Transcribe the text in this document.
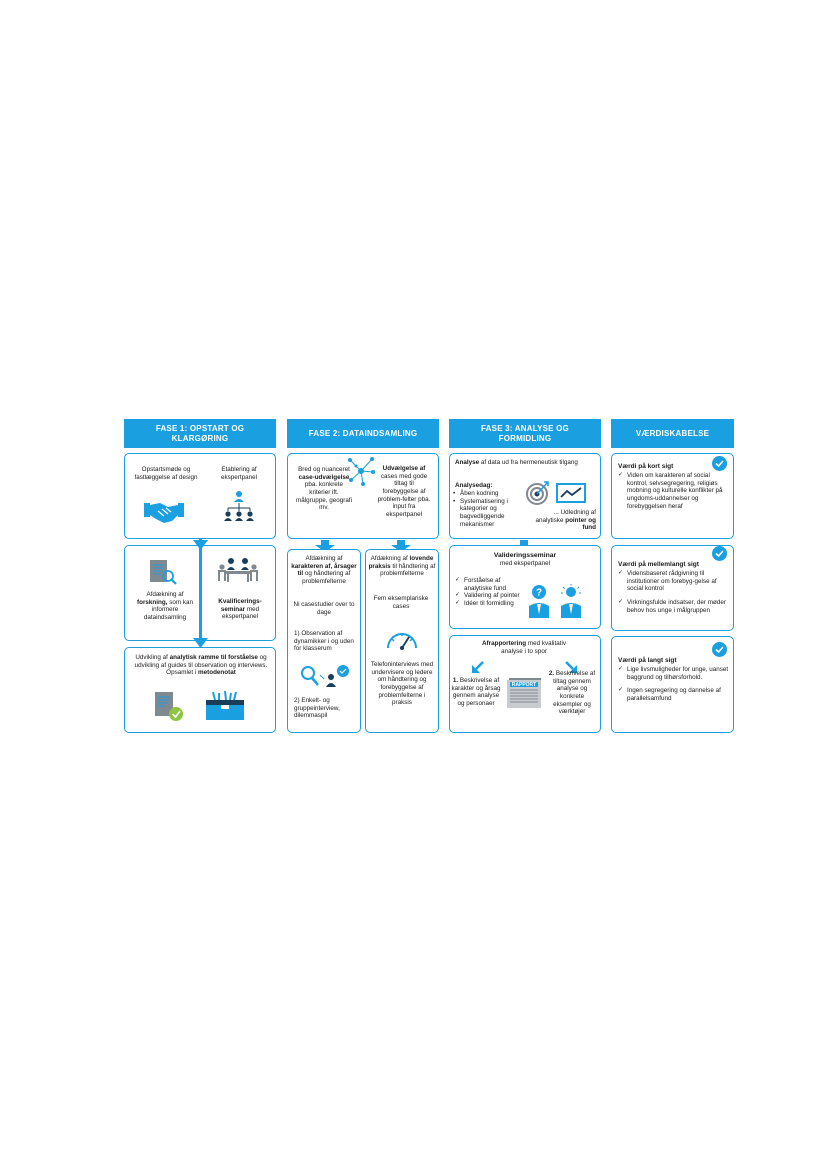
FASE 1: OPSTART OG KLARGØRING
FASE 2: DATAINDSAMLING
FASE 3: ANALYSE OG FORMIDLING
VÆRDISKABELSE
Opstartsmøde og fastlæggelse af design
Etablering af ekspertpanel
Afdækning af forskning, som kan informere dataindsamling
Kvalificerings-seminar med ekspertpanel
Udvikling af analytisk ramme til forståelse og udvikling af guides til observation og interviews. Opsamlet i metodenotat
Bred og nuanceret case-udvælgelse pba. konkrete kriterier ift. målgruppe, geografi mv.
Udvælgelse af cases med gode tiltag til forebyggelse af problem-felter pba. input fra ekspertpanel
Afdækning af karakteren af, årsager til og håndtering af problemfelterne
Ni casestudier over to dage
1) Observation af dynamikker i og uden for klasserum
2) Enkelt- og gruppeinterview, dilemmaspil
Afdækning af lovende praksis til håndtering af problemfelterne
Fem eksemplariske cases
Telefoninterviews med undervisere og ledere om håndtering og forebyggelse af problemfelterne i praksis
Analyse af data ud fra hermeneutisk tilgang
Analysedag:
• Åben kodning
• Systematisering i kategorier og bagvedliggende mekanismer
... Udledning af analytiske pointer og fund
Valideringsseminar
med ekspertpanel
✓ Forståelse af analytiske fund
✓ Validering af pointer
✓ Idéer til formidling
?
Afrapportering med kvalitativ analyse i to spor
1. Beskrivelse af karakter og årsag gennem analyse og personaer
RAPPORT
2. Beskrivelse af tiltag gennem analyse og konkrete eksempler og værktøjer
Værdi på kort sigt
✓ Viden om karakteren af social kontrol, selvsegregering, religiøs mobning og kulturelle konflikter på ungdoms-uddannelser og forebyggelsen heraf
Værdi på mellemlangt sigt
✓ Vidensbaseret rådgivning til institutioner om forebyg-gelse af social kontrol
✓ Virkningsfulde indsatser, der møder behov hos unge i målgruppen
Værdi på langt sigt
✓ Lige livsmuligheder for unge, uanset baggrund og tilhørsforhold.
✓ Ingen segregering og dannelse af parallelsamfund
